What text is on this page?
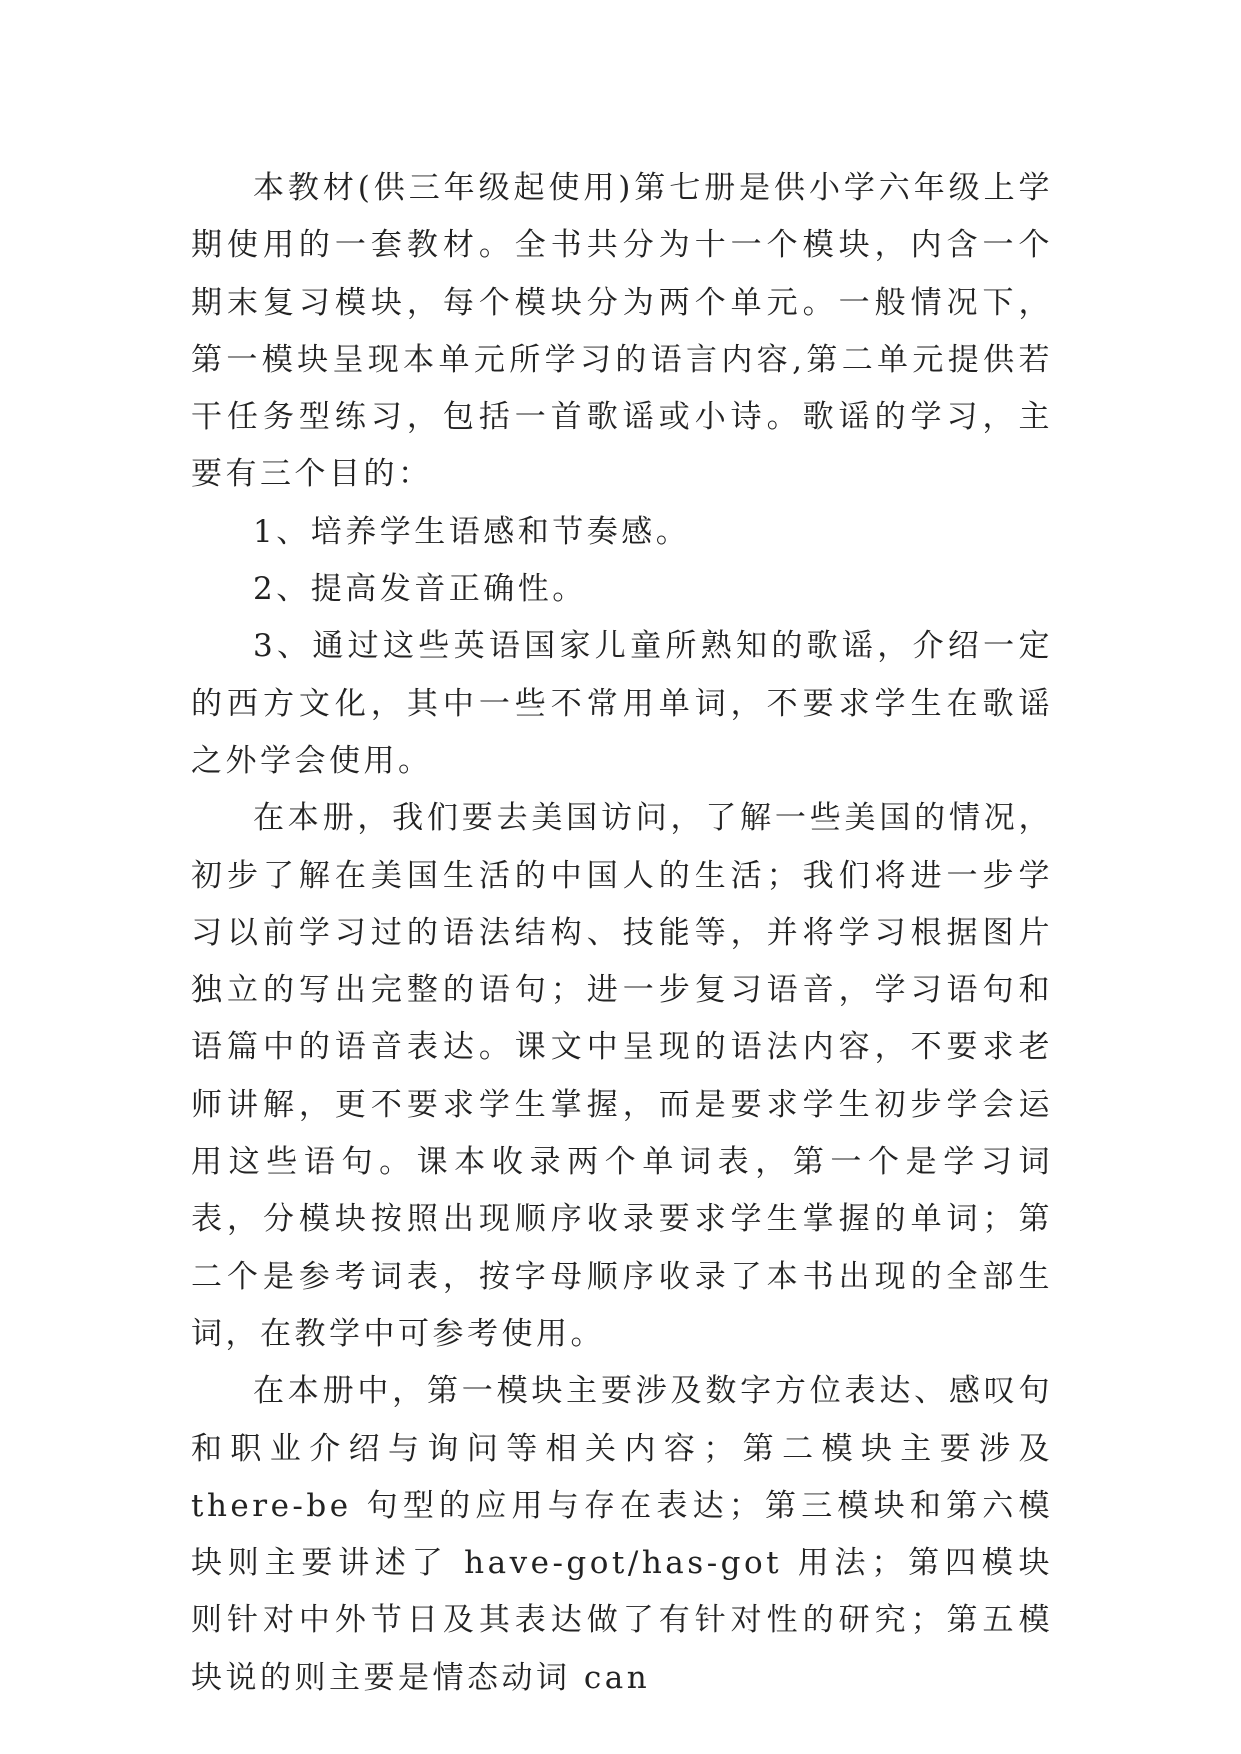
本教材(供三年级起使用)第七册是供小学六年级上学期使用的一套教材。全书共分为十一个模块，内含一个期末复习模块，每个模块分为两个单元。一般情况下，第一模块呈现本单元所学习的语言内容,第二单元提供若干任务型练习，包括一首歌谣或小诗。歌谣的学习，主要有三个目的：

1、培养学生语感和节奏感。

2、提高发音正确性。

3、通过这些英语国家儿童所熟知的歌谣，介绍一定的西方文化，其中一些不常用单词，不要求学生在歌谣之外学会使用。

在本册，我们要去美国访问，了解一些美国的情况，初步了解在美国生活的中国人的生活；我们将进一步学习以前学习过的语法结构、技能等，并将学习根据图片独立的写出完整的语句；进一步复习语音，学习语句和语篇中的语音表达。课文中呈现的语法内容，不要求老师讲解，更不要求学生掌握，而是要求学生初步学会运用这些语句。课本收录两个单词表，第一个是学习词表，分模块按照出现顺序收录要求学生掌握的单词；第二个是参考词表，按字母顺序收录了本书出现的全部生词，在教学中可参考使用。

在本册中，第一模块主要涉及数字方位表达、感叹句和职业介绍与询问等相关内容；第二模块主要涉及 there-be 句型的应用与存在表达；第三模块和第六模块则主要讲述了 have-got/has-got 用法；第四模块则针对中外节日及其表达做了有针对性的研究；第五模块说的则主要是情态动词 can
